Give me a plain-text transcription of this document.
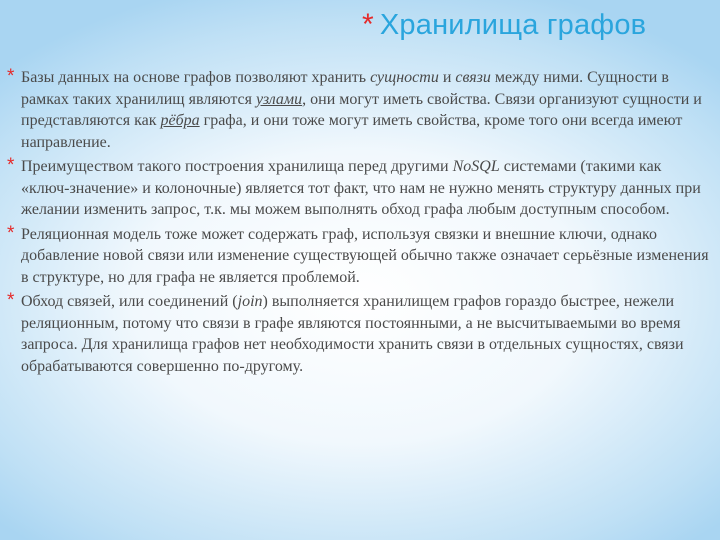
* Хранилища графов
* Базы данных на основе графов позволяют хранить сущности и связи между ними. Сущности в рамках таких хранилищ являются узлами, они могут иметь свойства. Связи организуют сущности и представляются как рёбра графа, и они тоже могут иметь свойства, кроме того они всегда имеют направление.
* Преимуществом такого построения хранилища перед другими NoSQL системами (такими как «ключ-значение» и колоночные) является тот факт, что нам не нужно менять структуру данных при желании изменить запрос, т.к. мы можем выполнять обход графа любым доступным способом.
* Реляционная модель тоже может содержать граф, используя связки и внешние ключи, однако добавление новой связи или изменение существующей обычно также означает серьёзные изменения в структуре, но для графа не является проблемой.
* Обход связей, или соединений (join) выполняется хранилищем графов гораздо быстрее, нежели реляционным, потому что связи в графе являются постоянными, а не высчитываемыми во время запроса. Для хранилища графов нет необходимости хранить связи в отдельных сущностях, связи обрабатываются совершенно по-другому.
